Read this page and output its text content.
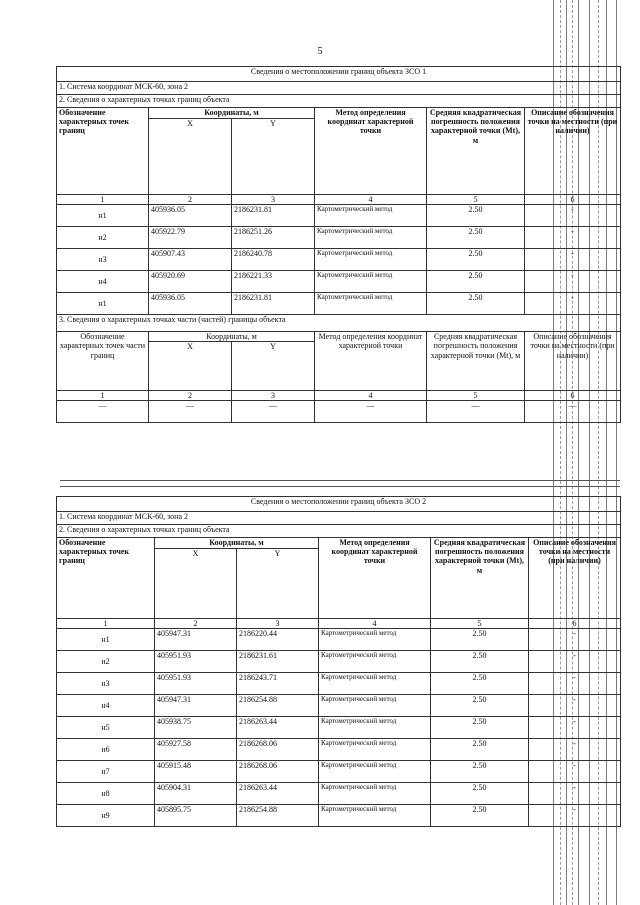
5
Сведения о местоположении границ объекта ЗСО 1					
1. Система координат МСК-60, зона 2					
2. Сведения о характерных точках границ объекта					
Обозначение характерных точек границ	Координаты, м		Метод определения координат характерной точки	Средняя квадратическая погрешность положения характерной точки (Mt), м	Описание обозначения точки на местности (при наличии)
	X	Y			
1	2	3	4	5	6
н1	405936.05	2186231.81	Картометрический метод	2.50	-
н2	405922.79	2186251.26	Картометрический метод	2.50	-
н3	405907.43	2186240.78	Картометрический метод	2.50	-
н4	405920.69	2186221.33	Картометрический метод	2.50	-
н1	405936.05	2186231.81	Картометрический метод	2.50	-
3. Сведения о характерных точках части (частей) границы объекта					
Обозначение характерных точек части границ	Координаты, м		Метод определения координат характерной точки	Средняя квадратическая погрешность положения характерной точки (Mt), м	Описание обозначения точки на местности (при наличии)
	X	Y			
1	2	3	4	5	6
—	—	—	—	—	—
Сведения о местоположении границ объекта ЗСО 2					
1. Система координат МСК-60, зона 2					
2. Сведения о характерных точках границ объекта					
Обозначение характерных точек границ	Координаты, м		Метод определения координат характерной точки	Средняя квадратическая погрешность положения характерной точки (Mt), м	Описание обозначения точки на местности (при наличии)
	X	Y			
1	2	3	4	5	6
н1	405947.31	2186220.44	Картометрический метод	2.50	-
н2	405951.93	2186231.61	Картометрический метод	2.50	-
н3	405951.93	2186243.71	Картометрический метод	2.50	-
н4	405947.31	2186254.88	Картометрический метод	2.50	-
н5	405938.75	2186263.44	Картометрический метод	2.50	-
н6	405927.58	2186268.06	Картометрический метод	2.50	-
н7	405915.48	2186268.06	Картометрический метод	2.50	-
н8	405904.31	2186263.44	Картометрический метод	2.50	-
н9	405895.75	2186254.88	Картометрический метод	2.50	-
